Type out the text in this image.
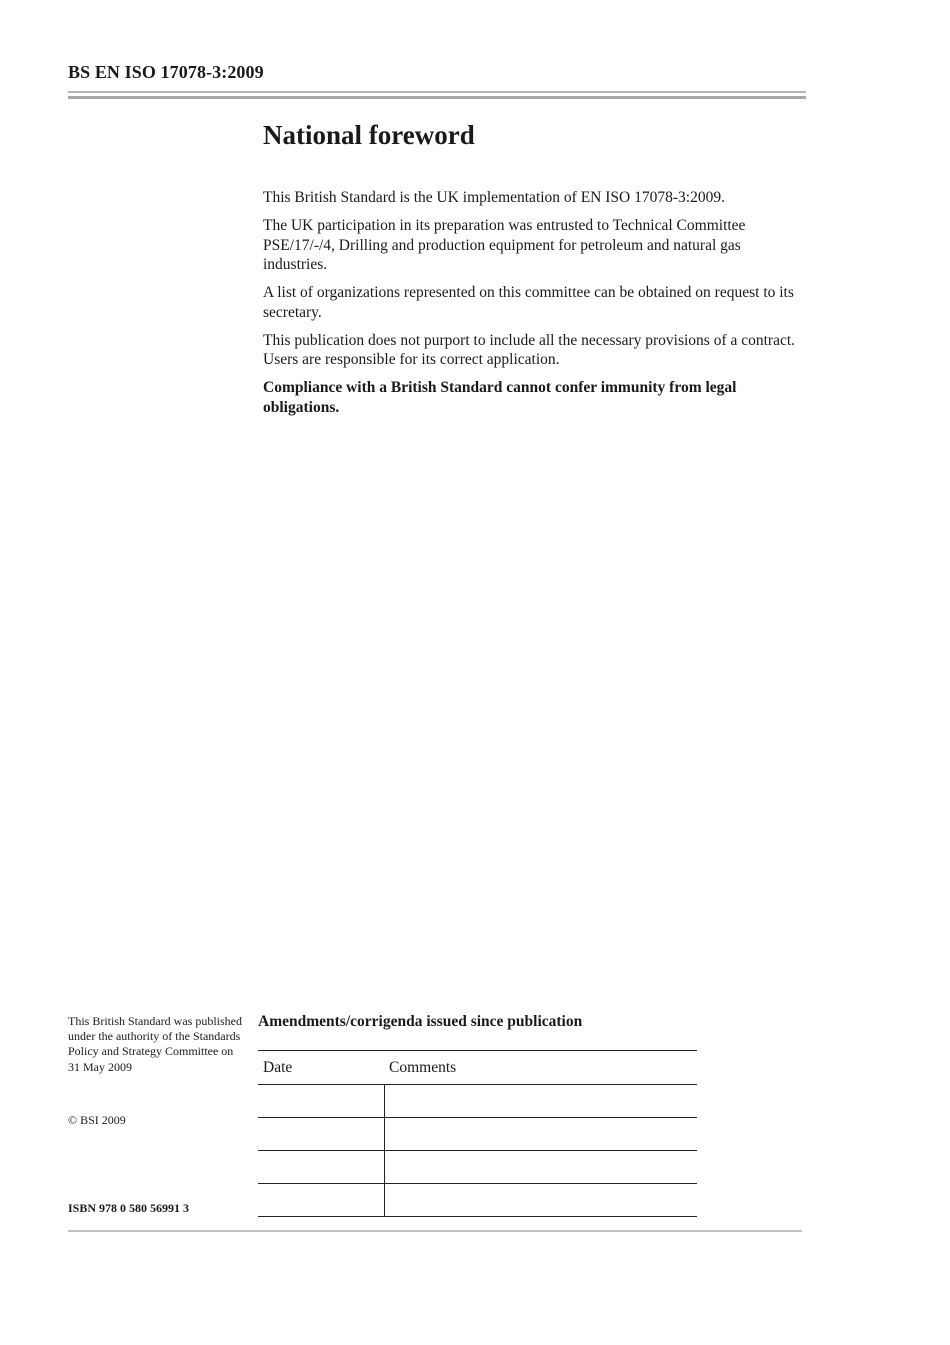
BS EN ISO 17078-3:2009
National foreword

This British Standard is the UK implementation of EN ISO 17078-3:2009.

The UK participation in its preparation was entrusted to Technical Committee PSE/17/-/4, Drilling and production equipment for petroleum and natural gas industries.

A list of organizations represented on this committee can be obtained on request to its secretary.

This publication does not purport to include all the necessary provisions of a contract. Users are responsible for its correct application.

Compliance with a British Standard cannot confer immunity from legal obligations.

This British Standard was published under the authority of the Standards Policy and Strategy Committee on 31 May 2009
© BSI 2009
ISBN 978 0 580 56991 3
Amendments/corrigenda issued since publication
Date	Comments
